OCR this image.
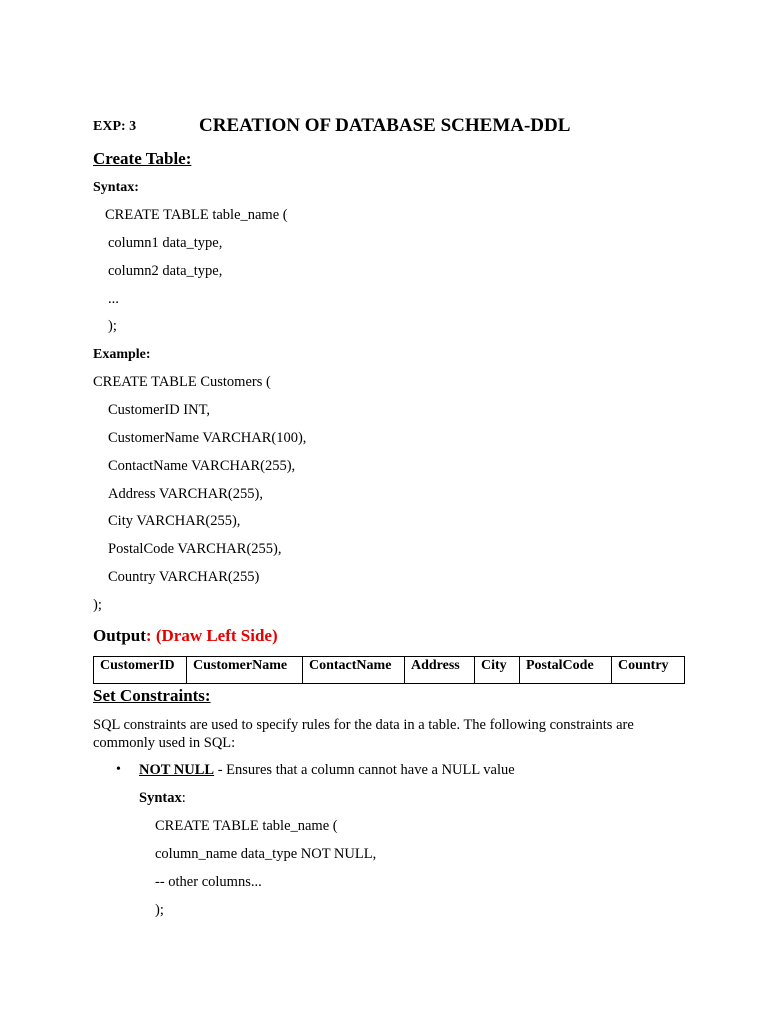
EXP: 3	CREATION OF DATABASE SCHEMA-DDL
Create Table:
Syntax:
CREATE TABLE table_name (
column1 data_type,
column2 data_type,
...
);
Example:
CREATE TABLE Customers (
CustomerID INT,
CustomerName VARCHAR(100),
ContactName VARCHAR(255),
Address VARCHAR(255),
City VARCHAR(255),
PostalCode VARCHAR(255),
Country VARCHAR(255)
);
Output: (Draw Left Side)
CustomerID	CustomerName	ContactName	Address	City	PostalCode	Country
Set Constraints:
SQL constraints are used to specify rules for the data in a table. The following constraints are commonly used in SQL:
• NOT NULL - Ensures that a column cannot have a NULL value
Syntax:
CREATE TABLE table_name (
column_name data_type NOT NULL,
-- other columns...
);
